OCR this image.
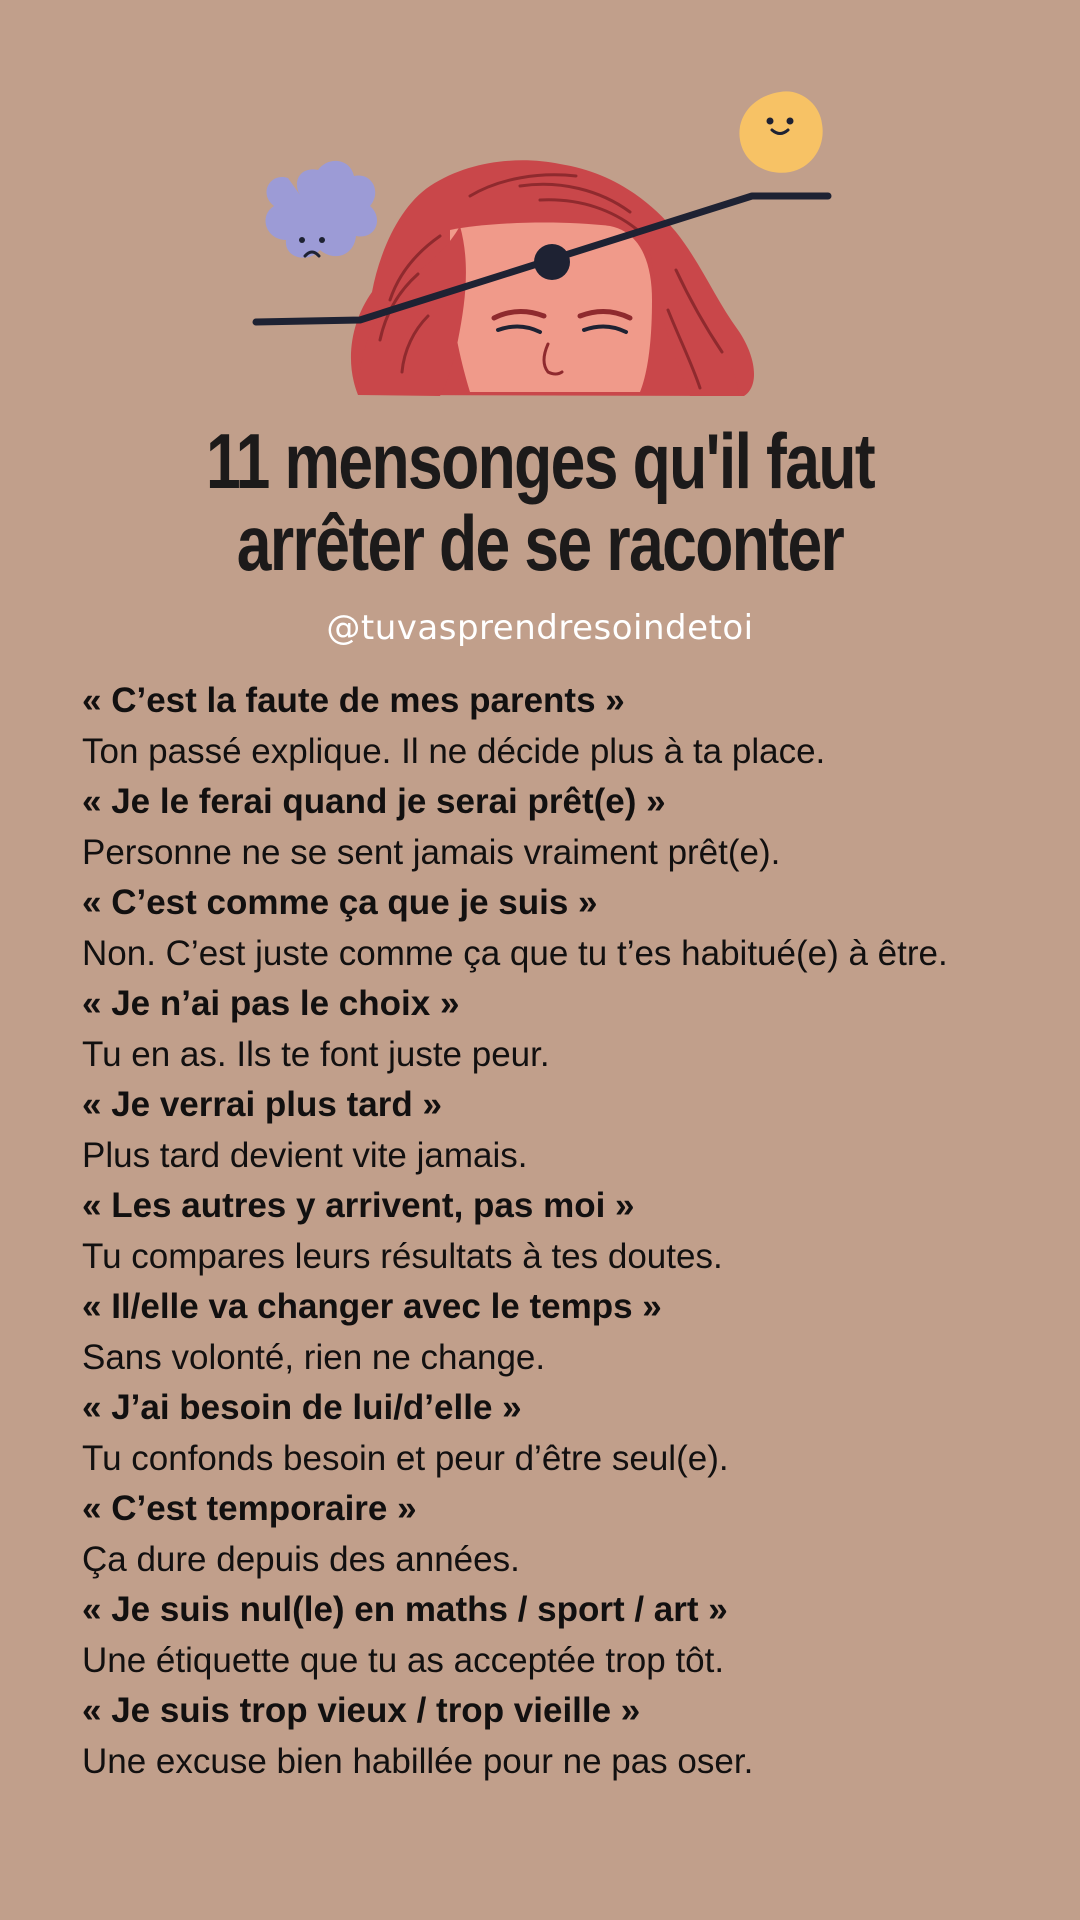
11 mensonges qu'il faut
arrêter de se raconter
@tuvasprendresoindetoi
« C’est la faute de mes parents »
Ton passé explique. Il ne décide plus à ta place.
« Je le ferai quand je serai prêt(e) »
Personne ne se sent jamais vraiment prêt(e).
« C’est comme ça que je suis »
Non. C’est juste comme ça que tu t’es habitué(e) à être.
« Je n’ai pas le choix »
Tu en as. Ils te font juste peur.
« Je verrai plus tard »
Plus tard devient vite jamais.
« Les autres y arrivent, pas moi »
Tu compares leurs résultats à tes doutes.
« Il/elle va changer avec le temps »
Sans volonté, rien ne change.
« J’ai besoin de lui/d’elle »
Tu confonds besoin et peur d’être seul(e).
« C’est temporaire »
Ça dure depuis des années.
« Je suis nul(le) en maths / sport / art »
Une étiquette que tu as acceptée trop tôt.
« Je suis trop vieux / trop vieille »
Une excuse bien habillée pour ne pas oser.
